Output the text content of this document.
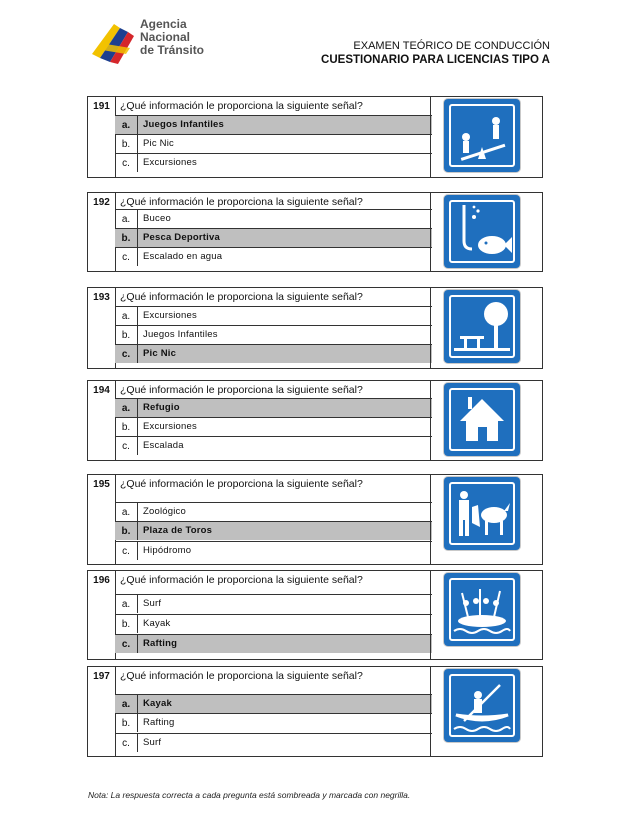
Agencia
Nacional
de Tránsito	EXAMEN TEÓRICO DE CONDUCCIÓN
CUESTIONARIO PARA LICENCIAS TIPO A
191 ¿Qué información le proporciona la siguiente señal?
a.	Juegos Infantiles
b.	Pic Nic
c.	Excursiones
192 ¿Qué información le proporciona la siguiente señal?
a.	Buceo
b.	Pesca Deportiva
c.	Escalado en agua
193 ¿Qué información le proporciona la siguiente señal?
a.	Excursiones
b.	Juegos Infantiles
c.	Pic Nic
194 ¿Qué información le proporciona la siguiente señal?
a.	Refugio
b.	Excursiones
c.	Escalada
195 ¿Qué información le proporciona la siguiente señal?
a.	Zoológico
b.	Plaza de Toros
c.	Hipódromo
196 ¿Qué información le proporciona la siguiente señal?
a.	Surf
b.	Kayak
c.	Rafting
197 ¿Qué información le proporciona la siguiente señal?
a.	Kayak
b.	Rafting
c.	Surf
Nota: La respuesta correcta a cada pregunta está sombreada y marcada con negrilla.
